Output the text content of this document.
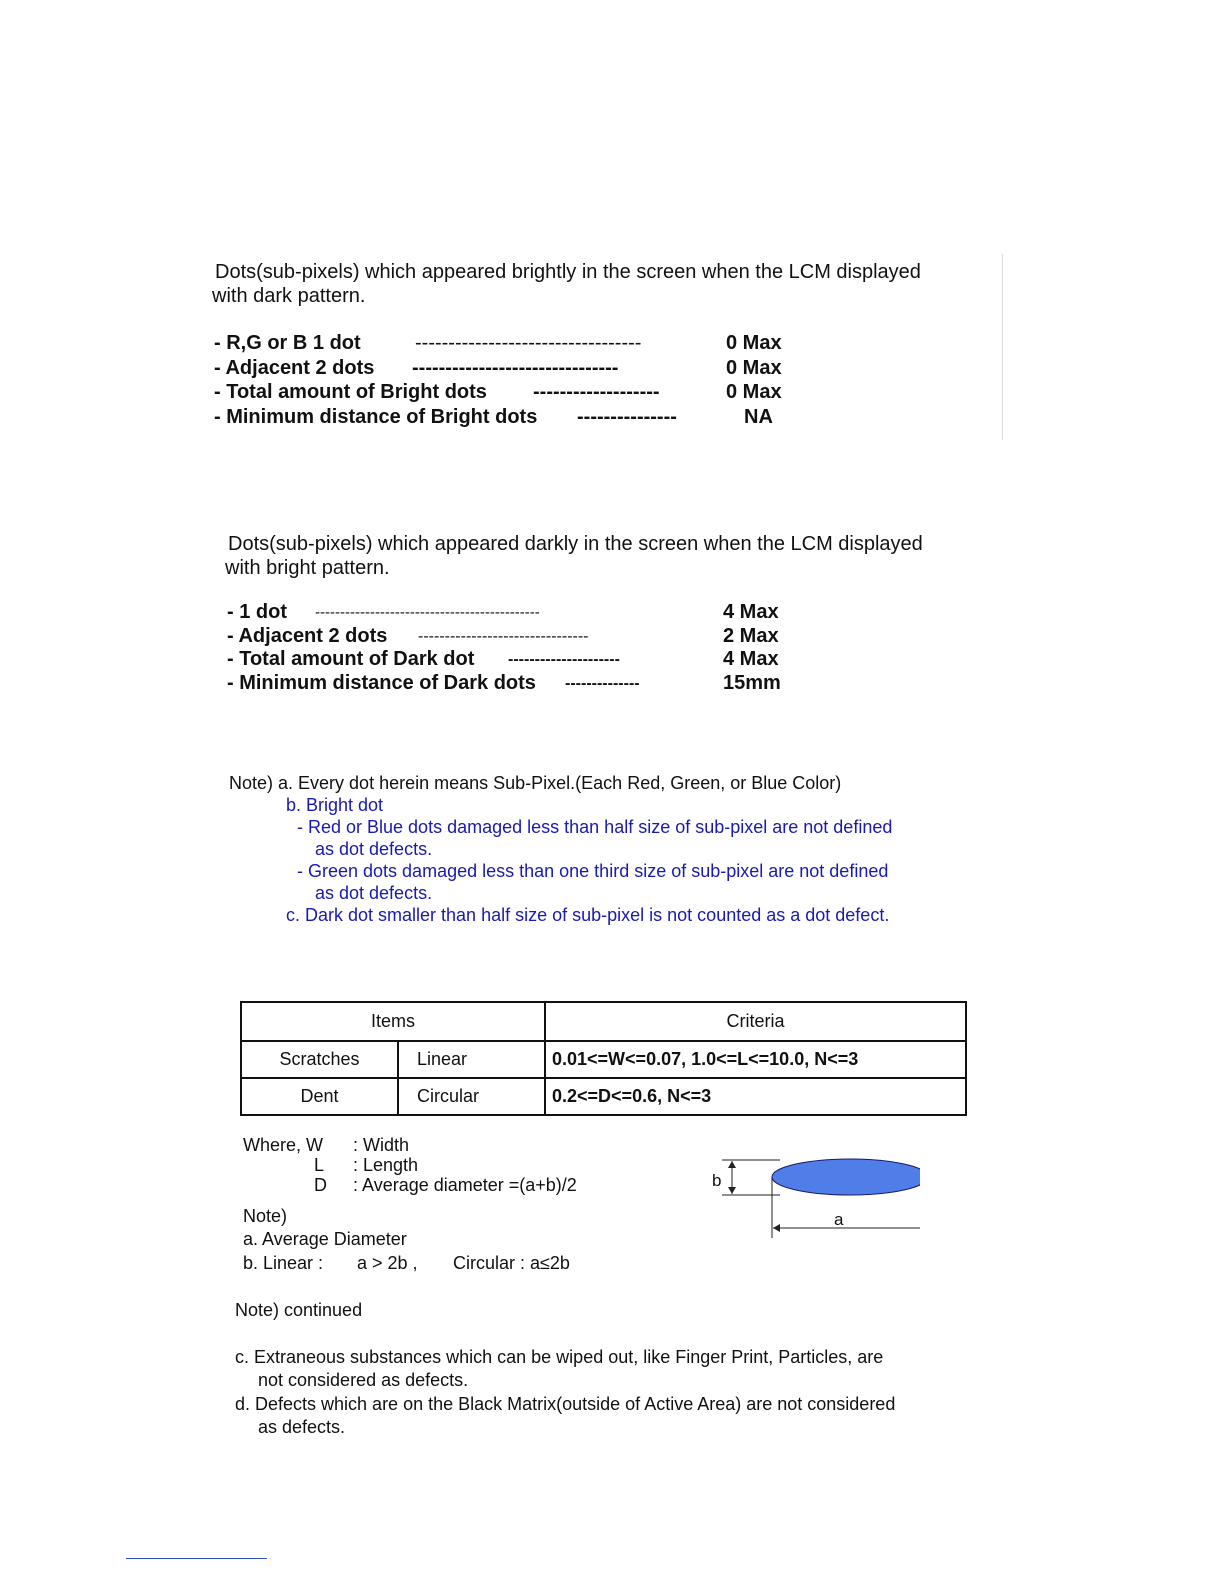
Dots(sub-pixels) which appeared brightly in the screen when the LCM displayed
with dark pattern.
- R,G or B 1 dot	----------------------------------	0 Max
- Adjacent 2 dots -------------------------------	0 Max
- Total amount of Bright dots -------------------	0 Max
- Minimum distance of Bright dots ---------------	NA
Dots(sub-pixels) which appeared darkly in the screen when the LCM displayed
with bright pattern.
- 1 dot ---------------------------------------------	4 Max
- Adjacent 2 dots --------------------------------	2 Max
- Total amount of Dark dot ---------------------	4 Max
- Minimum distance of Dark dots --------------	15mm
Note) a. Every dot herein means Sub-Pixel.(Each Red, Green, or Blue Color)
b. Bright dot
- Red or Blue dots damaged less than half size of sub-pixel are not defined
as dot defects.
- Green dots damaged less than one third size of sub-pixel are not defined
as dot defects.
c. Dark dot smaller than half size of sub-pixel is not counted as a dot defect.
Items		Criteria
Scratches	Linear	0.01<=W<=0.07, 1.0<=L<=10.0, N<=3
Dent	Circular	0.2<=D<=0.6, N<=3
Where, W : Width
L : Length
D : Average diameter =(a+b)/2
Note)
a. Average Diameter
b. Linear : a > 2b , Circular : a≤2b
b
a
Note) continued
c. Extraneous substances which can be wiped out, like Finger Print, Particles, are
not considered as defects.
d. Defects which are on the Black Matrix(outside of Active Area) are not considered
as defects.
